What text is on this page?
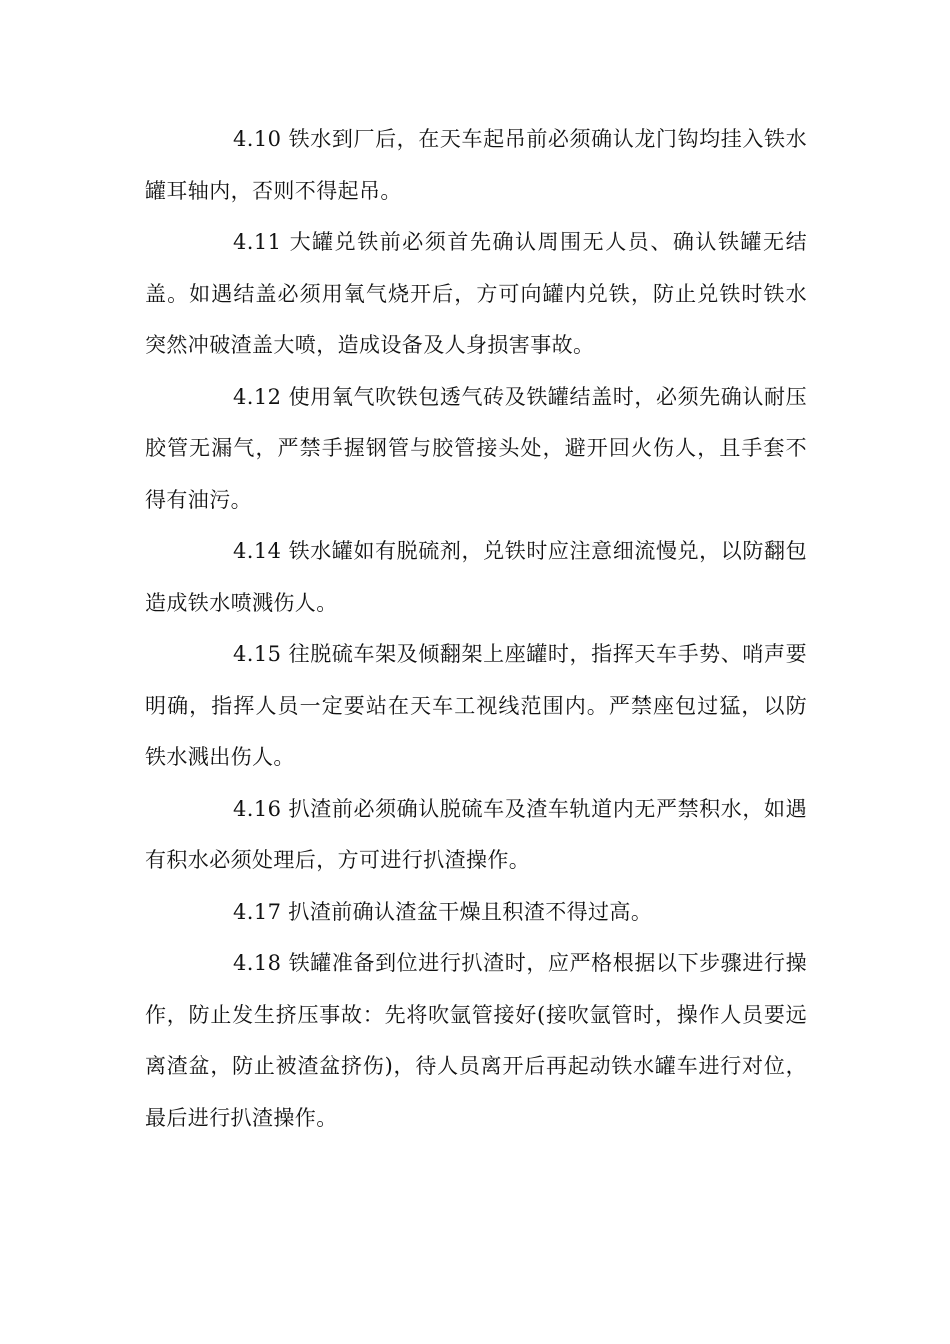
4.10 铁水到厂后，在天车起吊前必须确认龙门钩均挂入铁水罐耳轴内，否则不得起吊。

4.11 大罐兑铁前必须首先确认周围无人员、确认铁罐无结盖。如遇结盖必须用氧气烧开后，方可向罐内兑铁，防止兑铁时铁水突然冲破渣盖大喷，造成设备及人身损害事故。

4.12 使用氧气吹铁包透气砖及铁罐结盖时，必须先确认耐压胶管无漏气，严禁手握钢管与胶管接头处，避开回火伤人，且手套不得有油污。

4.14 铁水罐如有脱硫剂，兑铁时应注意细流慢兑，以防翻包造成铁水喷溅伤人。

4.15 往脱硫车架及倾翻架上座罐时，指挥天车手势、哨声要明确，指挥人员一定要站在天车工视线范围内。严禁座包过猛，以防铁水溅出伤人。

4.16 扒渣前必须确认脱硫车及渣车轨道内无严禁积水，如遇有积水必须处理后，方可进行扒渣操作。

4.17 扒渣前确认渣盆干燥且积渣不得过高。

4.18 铁罐准备到位进行扒渣时，应严格根据以下步骤进行操作，防止发生挤压事故：先将吹氩管接好(接吹氩管时，操作人员要远离渣盆，防止被渣盆挤伤)，待人员离开后再起动铁水罐车进行对位，最后进行扒渣操作。
